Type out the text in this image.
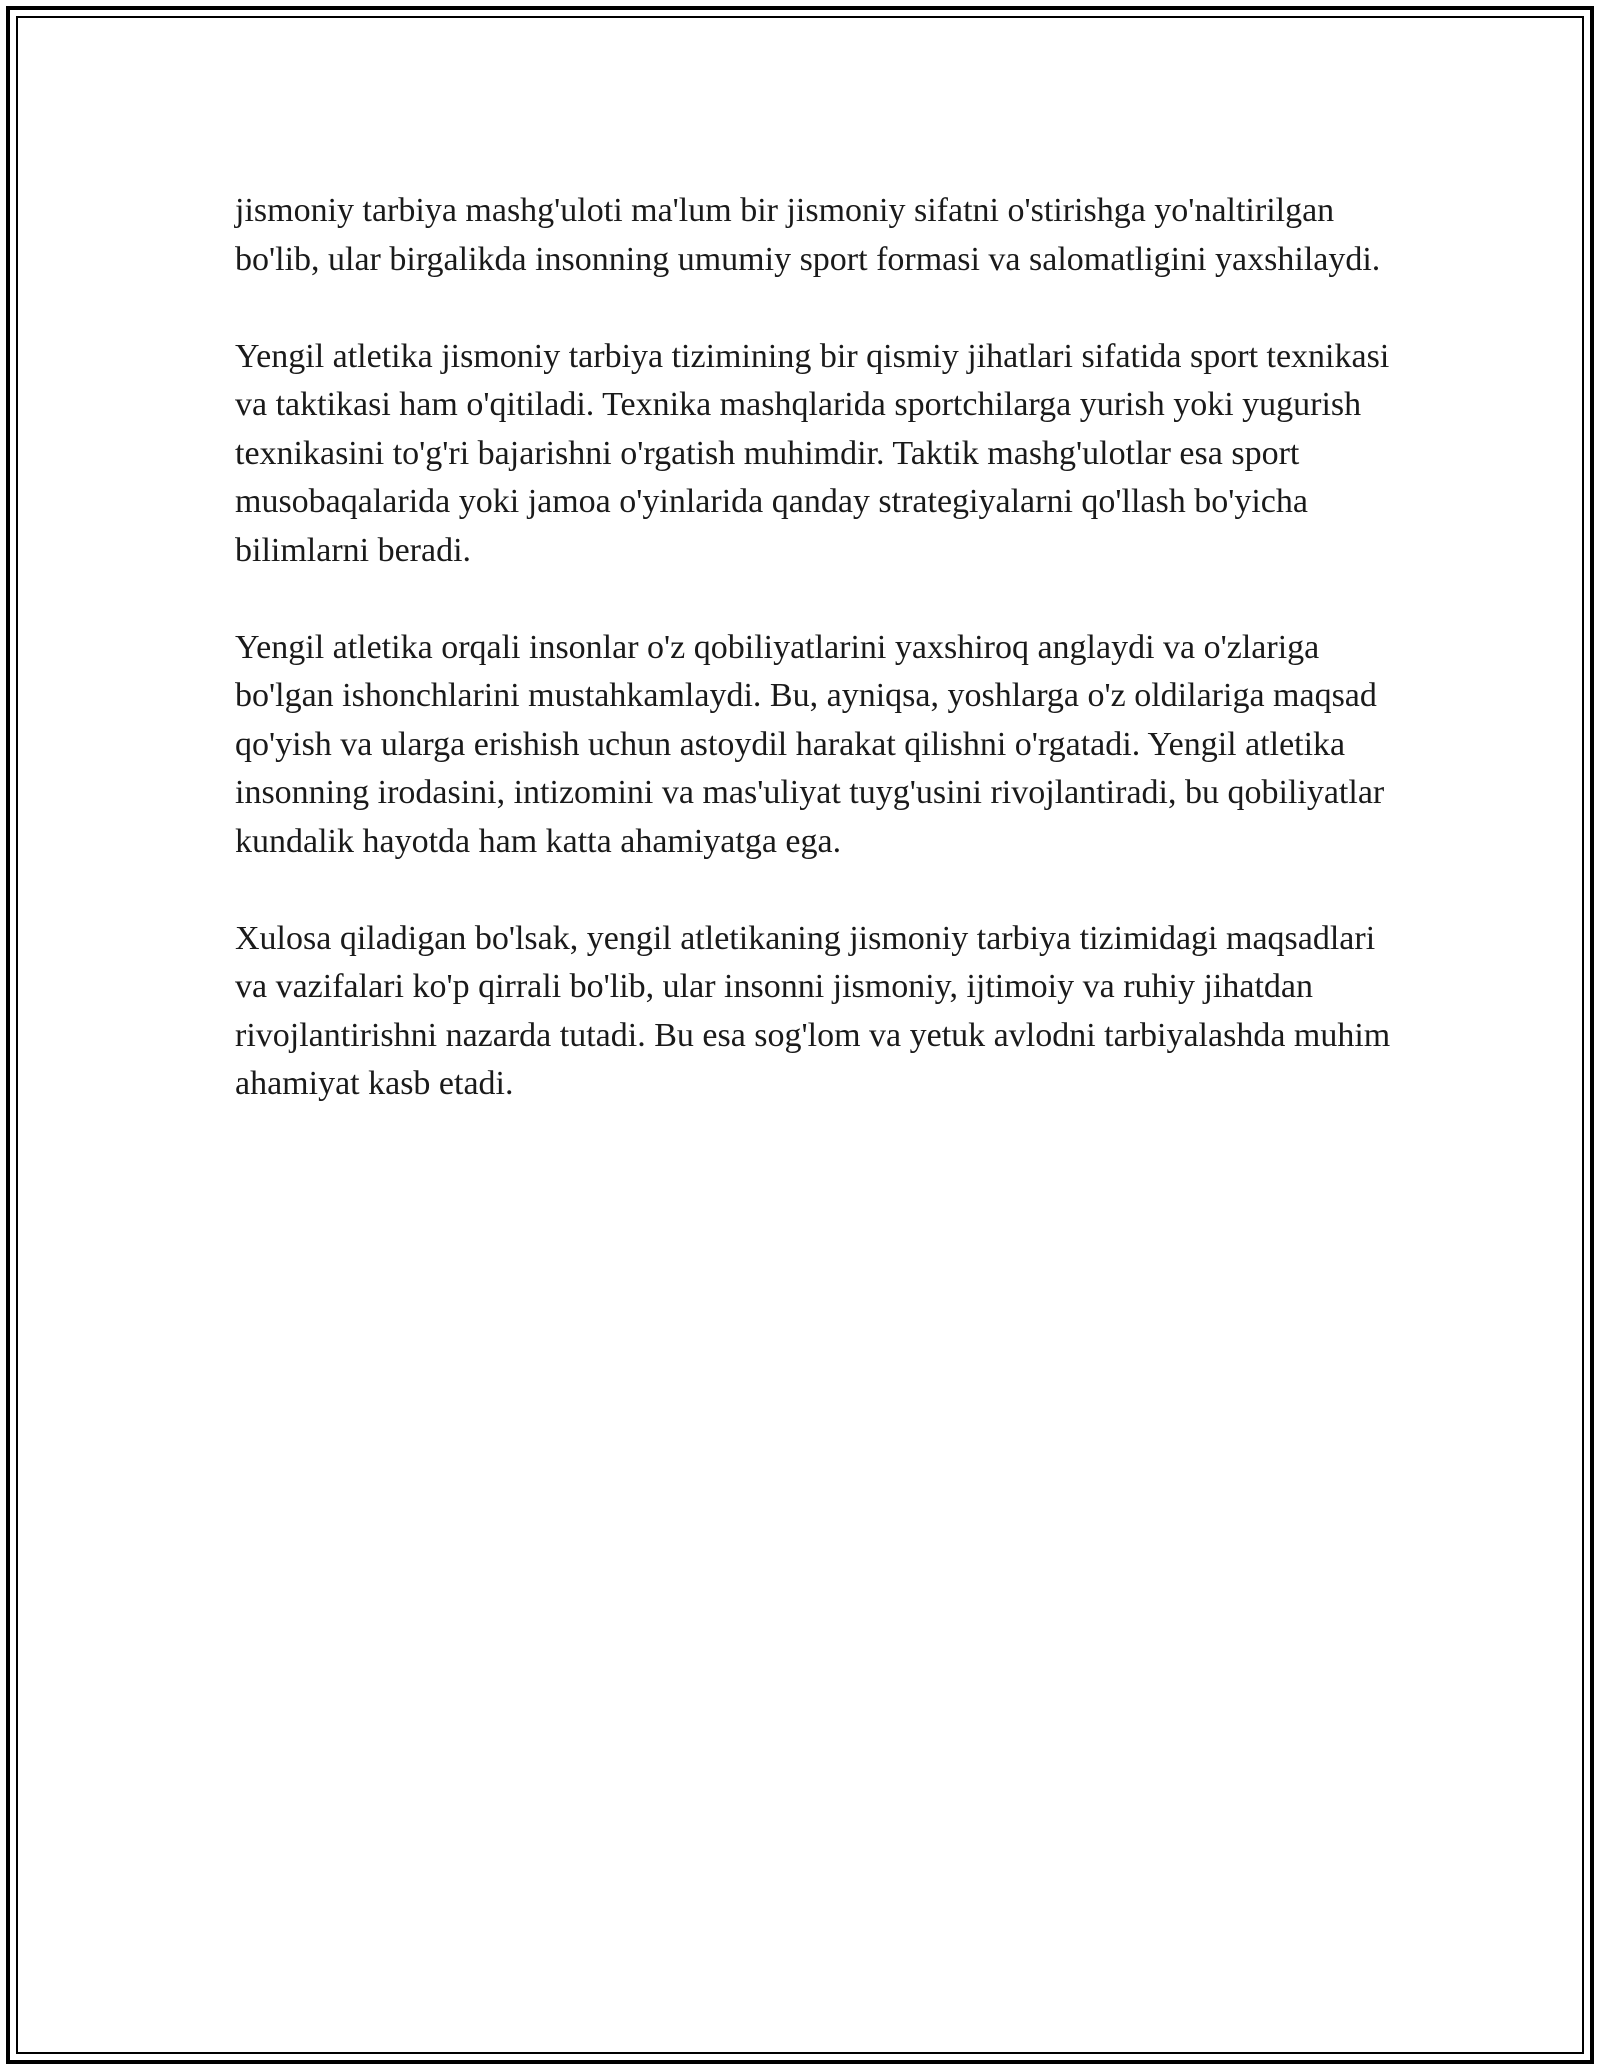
jismoniy tarbiya mashg'uloti ma'lum bir jismoniy sifatni o'stirishga yo'naltirilgan bo'lib, ular birgalikda insonning umumiy sport formasi va salomatligini yaxshilaydi.

Yengil atletika jismoniy tarbiya tizimining bir qismiy jihatlari sifatida sport texnikasi va taktikasi ham o'qitiladi. Texnika mashqlarida sportchilarga yurish yoki yugurish texnikasini to'g'ri bajarishni o'rgatish muhimdir. Taktik mashg'ulotlar esa sport musobaqalarida yoki jamoa o'yinlarida qanday strategiyalarni qo'llash bo'yicha bilimlarni beradi.

Yengil atletika orqali insonlar o'z qobiliyatlarini yaxshiroq anglaydi va o'zlariga bo'lgan ishonchlarini mustahkamlaydi. Bu, ayniqsa, yoshlarga o'z oldilariga maqsad qo'yish va ularga erishish uchun astoydil harakat qilishni o'rgatadi. Yengil atletika insonning irodasini, intizomini va mas'uliyat tuyg'usini rivojlantiradi, bu qobiliyatlar kundalik hayotda ham katta ahamiyatga ega.

Xulosa qiladigan bo'lsak, yengil atletikaning jismoniy tarbiya tizimidagi maqsadlari va vazifalari ko'p qirrali bo'lib, ular insonni jismoniy, ijtimoiy va ruhiy jihatdan rivojlantirishni nazarda tutadi. Bu esa sog'lom va yetuk avlodni tarbiyalashda muhim ahamiyat kasb etadi.
